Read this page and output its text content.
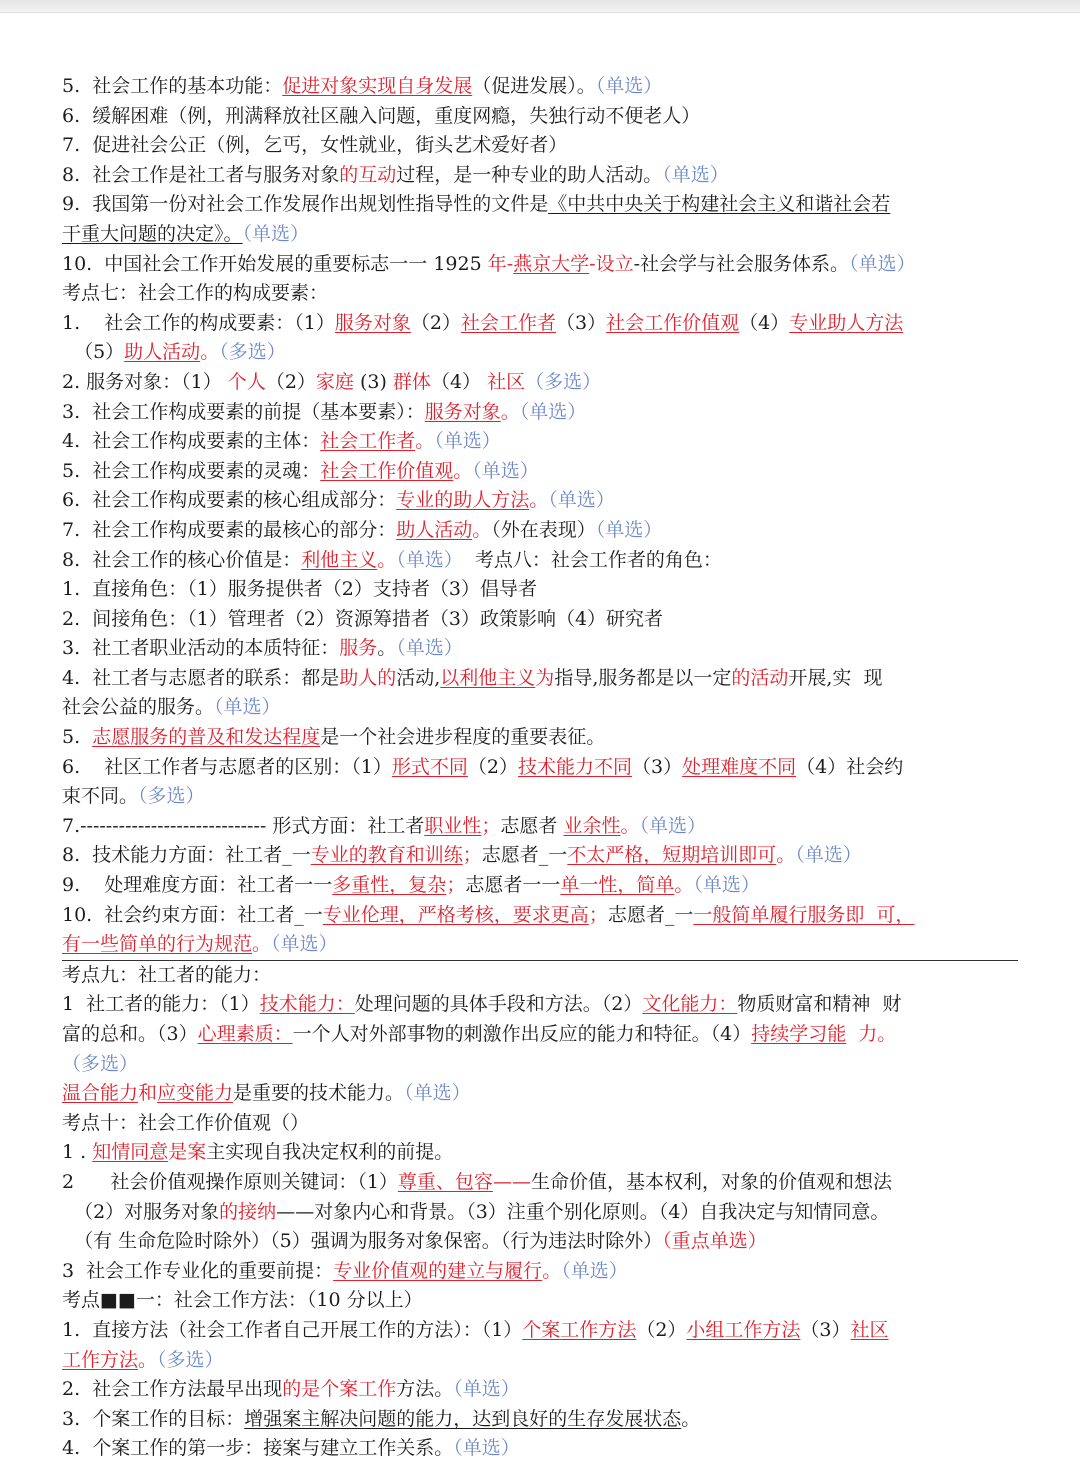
5.  社会工作的基本功能：促进对象实现自身发展（促进发展）。（单选）
6.  缓解困难（例，刑满释放社区融入问题，重度网瘾，失独行动不便老人）
7.  促进社会公正（例，乞丐，女性就业，街头艺术爱好者）
8.  社会工作是社工者与服务对象的互动过程，是一种专业的助人活动。（单选）
9.  我国第一份对社会工作发展作出规划性指导性的文件是《中共中央关于构建社会主义和谐社会若
干重大问题的决定》。（单选）
10.  中国社会工作开始发展的重要标志一一 1925 年-燕京大学-设立-社会学与社会服务体系。（单选）
考点七：社会工作的构成要素：
1.    社会工作的构成要素：（1）服务对象（2）社会工作者（3）社会工作价值观（4）专业助人方法
（5）助人活动。（多选）
2. 服务对象：（1） 个人（2）家庭 (3) 群体（4） 社区（多选）
3.  社会工作构成要素的前提（基本要素）：服务对象。（单选）
4.  社会工作构成要素的主体：社会工作者。（单选）
5.  社会工作构成要素的灵魂：社会工作价值观。（单选）
6.  社会工作构成要素的核心组成部分：专业的助人方法。（单选）
7.  社会工作构成要素的最核心的部分：助人活动。（外在表现）（单选）
8.  社会工作的核心价值是：利他主义。（单选）  考点八：社会工作者的角色：
1.  直接角色：（1）服务提供者（2）支持者（3）倡导者
2.  间接角色：（1）管理者（2）资源筹措者（3）政策影响（4）研究者
3.  社工者职业活动的本质特征：服务。（单选）
4.  社工者与志愿者的联系：都是助人的活动,以利他主义为指导,服务都是以一定的活动开展,实  现
社会公益的服务。（单选）
5.  志愿服务的普及和发达程度是一个社会进步程度的重要表征。
6.    社区工作者与志愿者的区别：（1）形式不同（2）技术能力不同（3）处理难度不同（4）社会约
束不同。（多选）
7.----------------------------- 形式方面：社工者职业性；志愿者 业余性。（单选）
8.  技术能力方面：社工者_一专业的教育和训练；志愿者_一不太严格，短期培训即可。（单选）
9.    处理难度方面：社工者一一多重性，复杂；志愿者一一单一性，简单。（单选）
10.  社会约束方面：社工者_一专业伦理，严格考核，要求更高；志愿者_一一般简单履行服务即  可，
有一些简单的行为规范。（单选）
考点九：社工者的能力：
1  社工者的能力：（1）技术能力：处理问题的具体手段和方法。（2）文化能力：物质财富和精神  财
富的总和。（3）心理素质：一个人对外部事物的刺激作出反应的能力和特征。（4）持续学习能  力。
（多选）
温合能力和应变能力是重要的技术能力。（单选）
考点十：社会工作价值观（）
1 . 知情同意是案主实现自我决定权利的前提。
2      社会价值观操作原则关键词：（1）尊重、包容——生命价值，基本权利，对象的价值观和想法
（2）对服务对象的接纳——对象内心和背景。（3）注重个别化原则。（4）自我决定与知情同意。
（有 生命危险时除外）（5）强调为服务对象保密。（行为违法时除外）（重点单选）
3  社会工作专业化的重要前提：专业价值观的建立与履行。（单选）
考点■■一：社会工作方法：（10 分以上）
1.  直接方法（社会工作者自己开展工作的方法）：（1）个案工作方法（2）小组工作方法（3）社区
工作方法。（多选）
2.  社会工作方法最早出现的是个案工作方法。（单选）
3.  个案工作的目标：增强案主解决问题的能力，达到良好的生存发展状态。
4.  个案工作的第一步：接案与建立工作关系。（单选）
